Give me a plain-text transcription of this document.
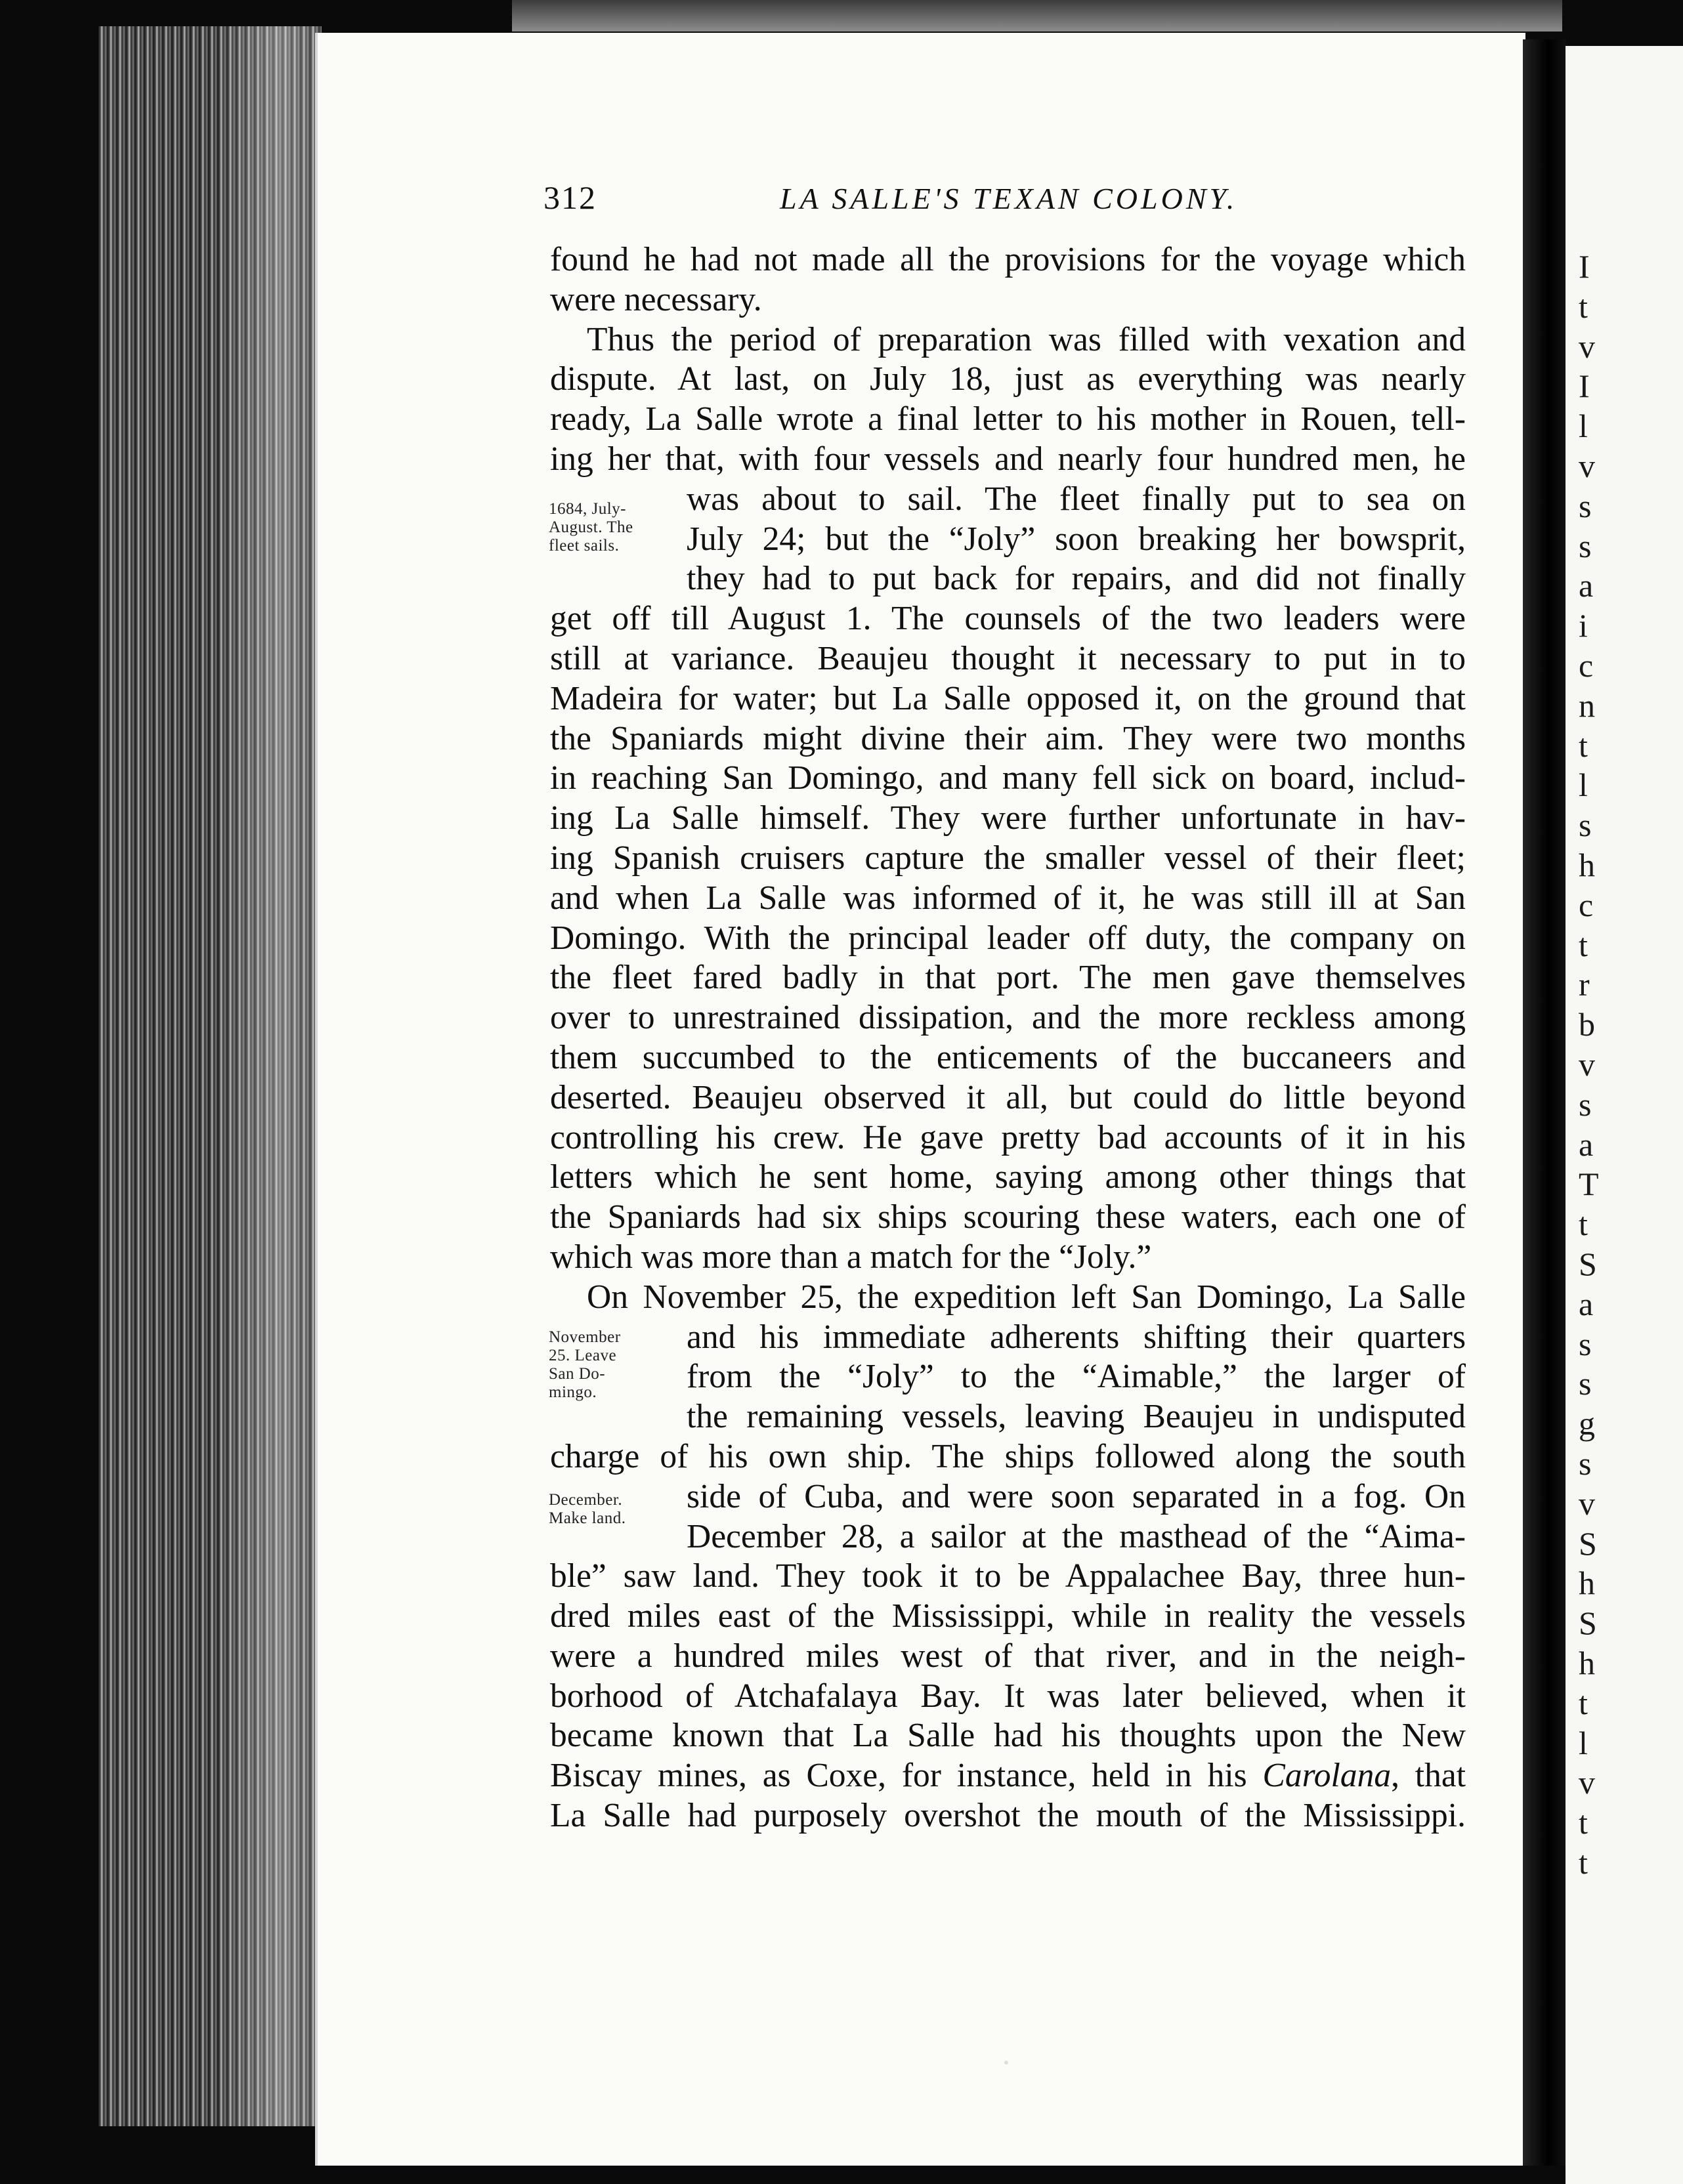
I
t
v
I
l
v
s
s
a
i
c
n
t
l
s
h
c
t
r
b
v
s
a
T
t
S
a
s
s
g
s
v
S
h
S
h
t
l
v
t
t
312	LA SALLE'S TEXAN COLONY.
found he had not made all the provisions for the voyage which
were necessary.
Thus the period of preparation was filled with vexation and
dispute. At last, on July 18, just as everything was nearly
ready, La Salle wrote a final letter to his mother in Rouen, tell-
ing her that, with four vessels and nearly four hundred men, he
was about to sail. The fleet finally put to sea on
July 24; but the “Joly” soon breaking her bowsprit,
they had to put back for repairs, and did not finally
get off till August 1. The counsels of the two leaders were
still at variance. Beaujeu thought it necessary to put in to
Madeira for water; but La Salle opposed it, on the ground that
the Spaniards might divine their aim. They were two months
in reaching San Domingo, and many fell sick on board, includ-
ing La Salle himself. They were further unfortunate in hav-
ing Spanish cruisers capture the smaller vessel of their fleet;
and when La Salle was informed of it, he was still ill at San
Domingo. With the principal leader off duty, the company on
the fleet fared badly in that port. The men gave themselves
over to unrestrained dissipation, and the more reckless among
them succumbed to the enticements of the buccaneers and
deserted. Beaujeu observed it all, but could do little beyond
controlling his crew. He gave pretty bad accounts of it in his
letters which he sent home, saying among other things that
the Spaniards had six ships scouring these waters, each one of
which was more than a match for the “Joly.”
On November 25, the expedition left San Domingo, La Salle
and his immediate adherents shifting their quarters
from the “Joly” to the “Aimable,” the larger of
the remaining vessels, leaving Beaujeu in undisputed
charge of his own ship. The ships followed along the south
side of Cuba, and were soon separated in a fog. On
December 28, a sailor at the masthead of the “Aima-
ble” saw land. They took it to be Appalachee Bay, three hun-
dred miles east of the Mississippi, while in reality the vessels
were a hundred miles west of that river, and in the neigh-
borhood of Atchafalaya Bay. It was later believed, when it
became known that La Salle had his thoughts upon the New
Biscay mines, as Coxe, for instance, held in his Carolana, that
La Salle had purposely overshot the mouth of the Mississippi.
1684, July-
August. The
fleet sails.
November
25. Leave
San Do-
mingo.
December.
Make land.
